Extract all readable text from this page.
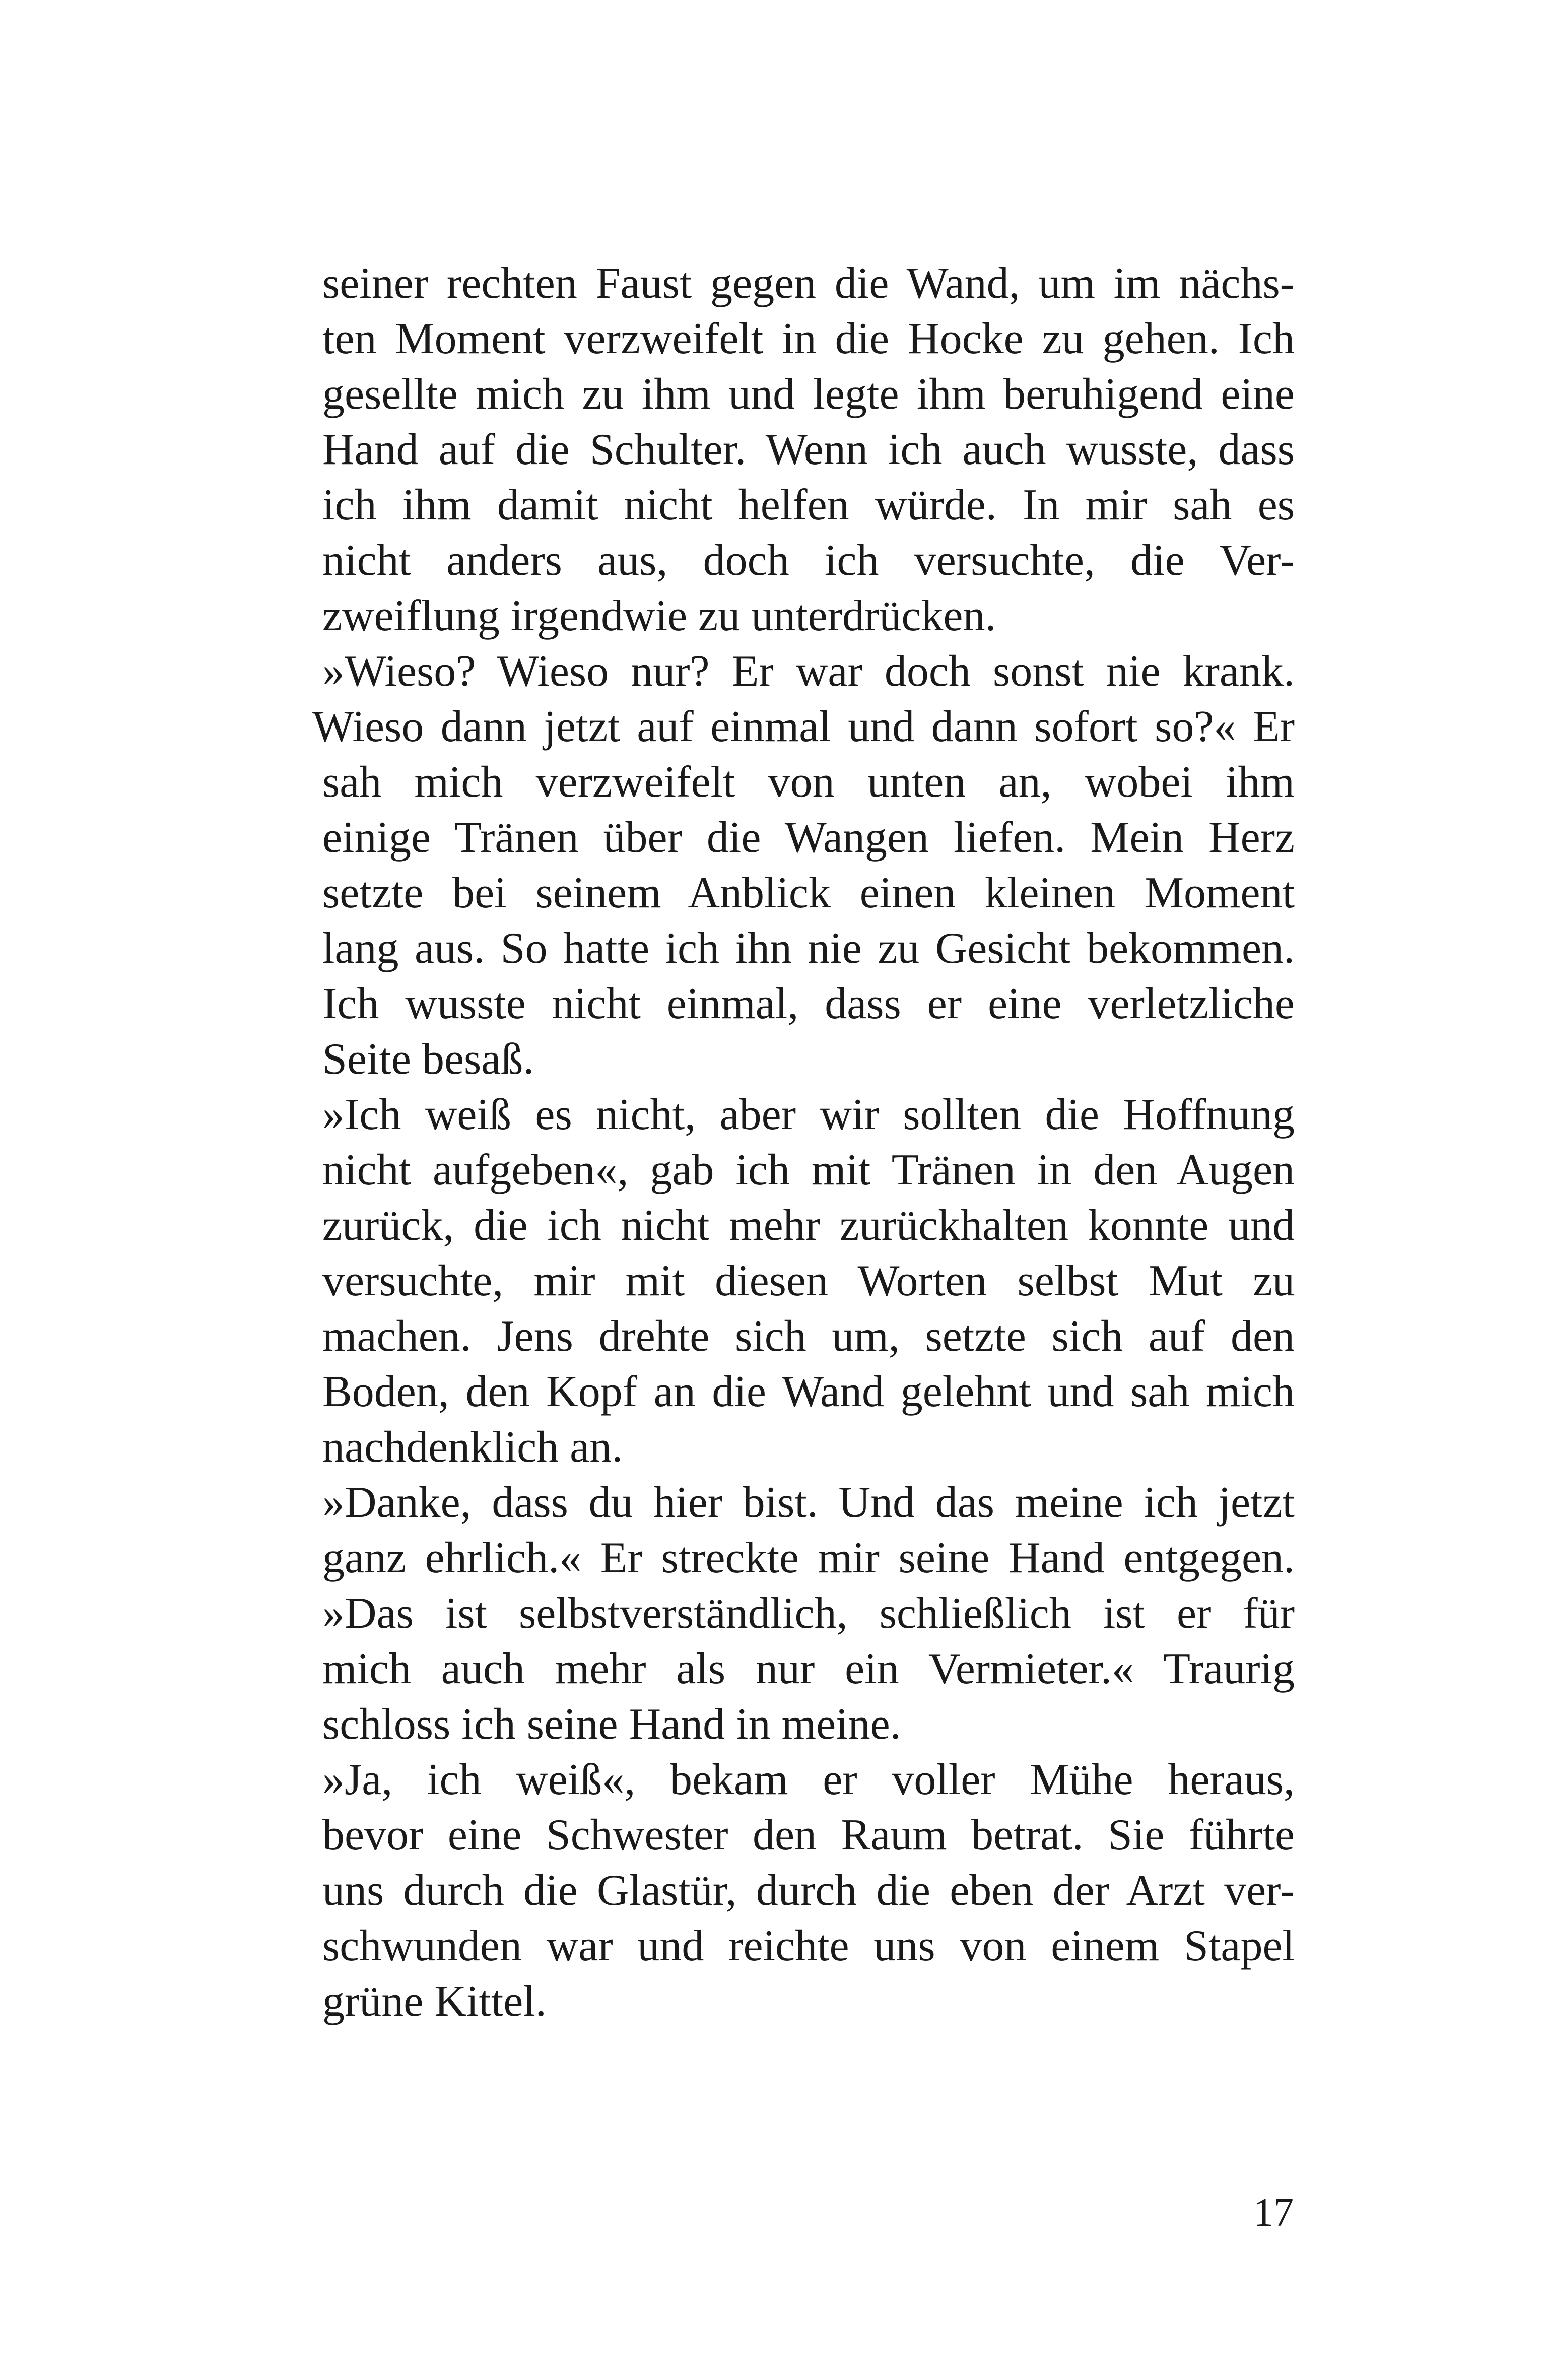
seiner rechten Faust gegen die Wand, um im nächs-
ten Moment verzweifelt in die Hocke zu gehen. Ich
gesellte mich zu ihm und legte ihm beruhigend eine
Hand auf die Schulter. Wenn ich auch wusste, dass
ich ihm damit nicht helfen würde. In mir sah es
nicht anders aus, doch ich versuchte, die Ver-
zweiflung irgendwie zu unterdrücken.
»Wieso? Wieso nur? Er war doch sonst nie krank.
Wieso dann jetzt auf einmal und dann sofort so?« Er
sah mich verzweifelt von unten an, wobei ihm
einige Tränen über die Wangen liefen. Mein Herz
setzte bei seinem Anblick einen kleinen Moment
lang aus. So hatte ich ihn nie zu Gesicht bekommen.
Ich wusste nicht einmal, dass er eine verletzliche
Seite besaß.
»Ich weiß es nicht, aber wir sollten die Hoffnung
nicht aufgeben«, gab ich mit Tränen in den Augen
zurück, die ich nicht mehr zurückhalten konnte und
versuchte, mir mit diesen Worten selbst Mut zu
machen. Jens drehte sich um, setzte sich auf den
Boden, den Kopf an die Wand gelehnt und sah mich
nachdenklich an.
»Danke, dass du hier bist. Und das meine ich jetzt
ganz ehrlich.« Er streckte mir seine Hand entgegen.
»Das ist selbstverständlich, schließlich ist er für
mich auch mehr als nur ein Vermieter.« Traurig
schloss ich seine Hand in meine.
»Ja, ich weiß«, bekam er voller Mühe heraus,
bevor eine Schwester den Raum betrat. Sie führte
uns durch die Glastür, durch die eben der Arzt ver-
schwunden war und reichte uns von einem Stapel
grüne Kittel.
17
